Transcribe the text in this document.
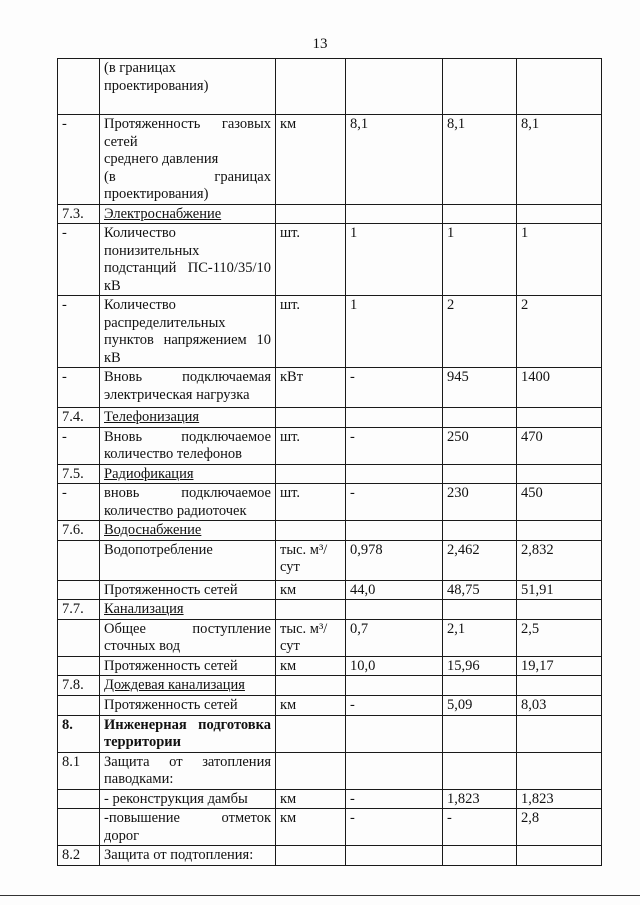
13
	(в границах
проектирования)				
-	Протяженность газовых сетей
среднего давления
(в границах проектирования)	км	8,1	8,1	8,1
7.3.	Электроснабжение				
-	Количество понизительных подстанций ПС-110/35/10 кВ	шт.	1	1	1
-	Количество распределительных пунктов напряжением 10 кВ	шт.	1	2	2
-	Вновь подключаемая электрическая нагрузка	кВт	-	945	1400
7.4.	Телефонизация				
-	Вновь подключаемое количество телефонов	шт.	-	250	470
7.5.	Радиофикация				
-	вновь подключаемое количество радиоточек	шт.	-	230	450
7.6.	Водоснабжение				
	Водопотребление	тыс. м³/сут	0,978	2,462	2,832
	Протяженность сетей	км	44,0	48,75	51,91
7.7.	Канализация				
	Общее поступление сточных вод	тыс. м³/сут	0,7	2,1	2,5
	Протяженность сетей	км	10,0	15,96	19,17
7.8.	Дождевая канализация				
	Протяженность сетей	км	-	5,09	8,03
8.	Инженерная подготовка территории				
8.1	Защита от затопления паводками:				
	- реконструкция дамбы	км	-	1,823	1,823
	-повышение отметок дорог	км	-	-	2,8
8.2	Защита от подтопления:				
